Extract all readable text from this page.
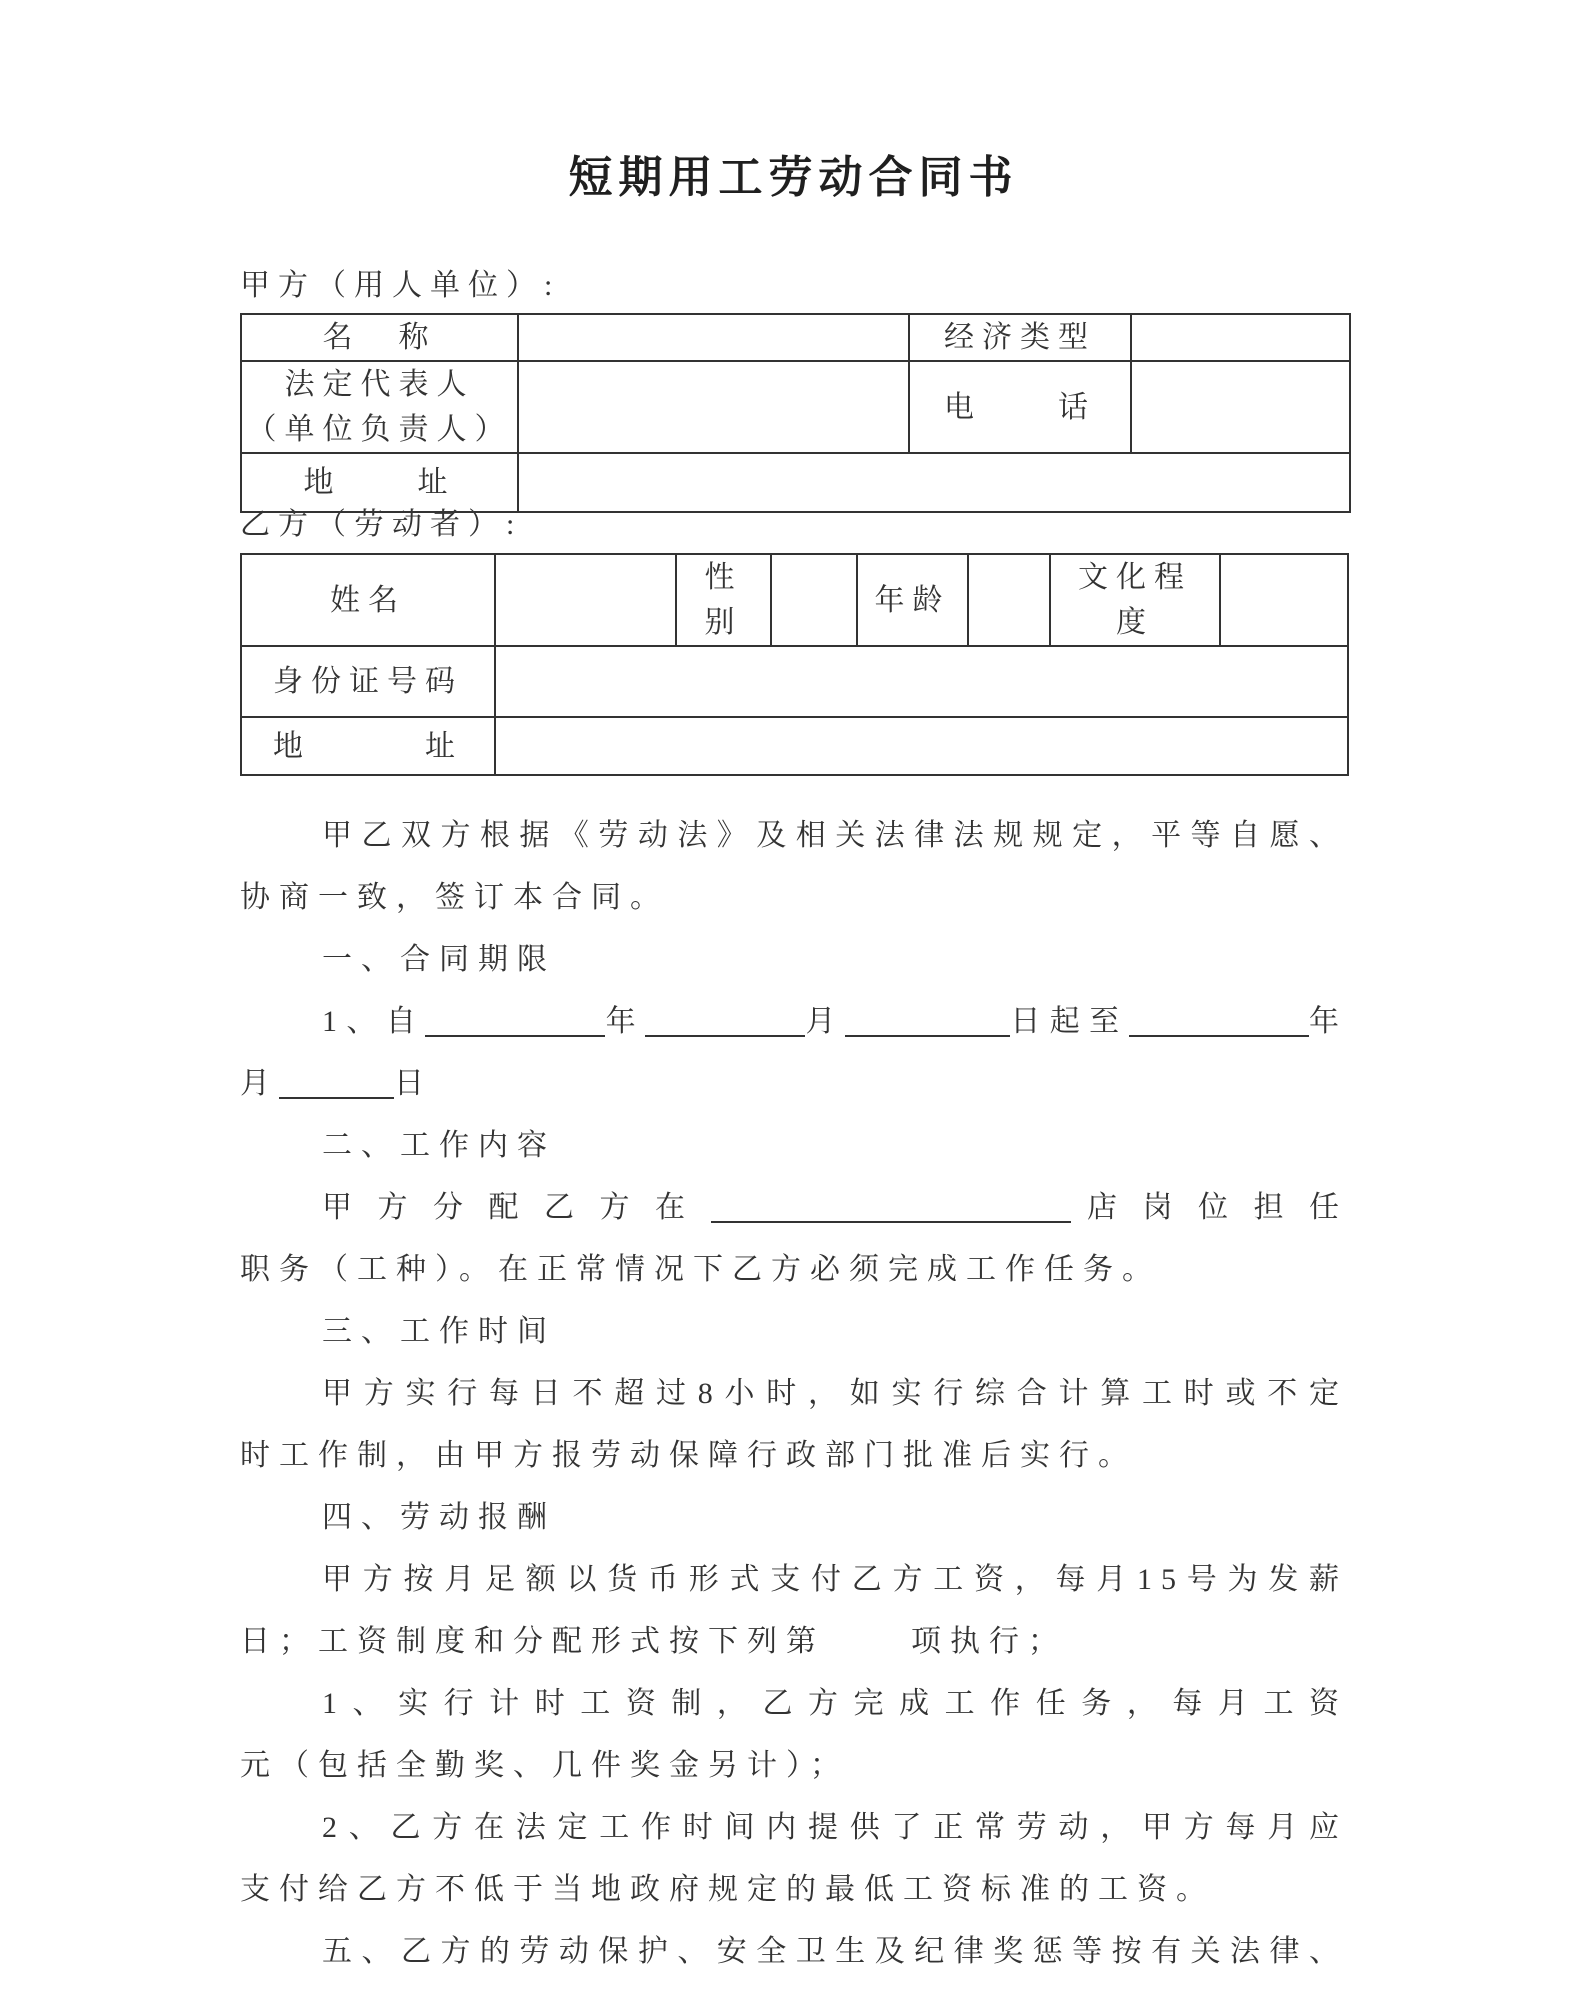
短期用工劳动合同书
甲方（用人单位）:
名　称		经济类型	

法定代表人
（单位负责人）		电　　话	
地　　址			
乙方（劳动者）:
姓名		性别		年龄		文化程度	
身份证号码							
地　　　址							
甲乙双方根据《劳动法》及相关法律法规规定，平等自愿、
协商一致，签订本合同。
一、合同期限
1、自	年	月	日起至	年
月	日
二、工作内容
甲方分配乙方在	店岗位担任
职务（工种）。在正常情况下乙方必须完成工作任务。
三、工作时间
甲方实行每日不超过8小时，如实行综合计算工时或不定
时工作制，由甲方报劳动保障行政部门批准后实行。
四、劳动报酬
甲方按月足额以货币形式支付乙方工资，每月15号为发薪
日；工资制度和分配形式按下列第	项执行；
1、实行计时工资制，乙方完成工作任务，每月工资
元（包括全勤奖、几件奖金另计）；
2、乙方在法定工作时间内提供了正常劳动，甲方每月应
支付给乙方不低于当地政府规定的最低工资标准的工资。
五、乙方的劳动保护、安全卫生及纪律奖惩等按有关法律、
